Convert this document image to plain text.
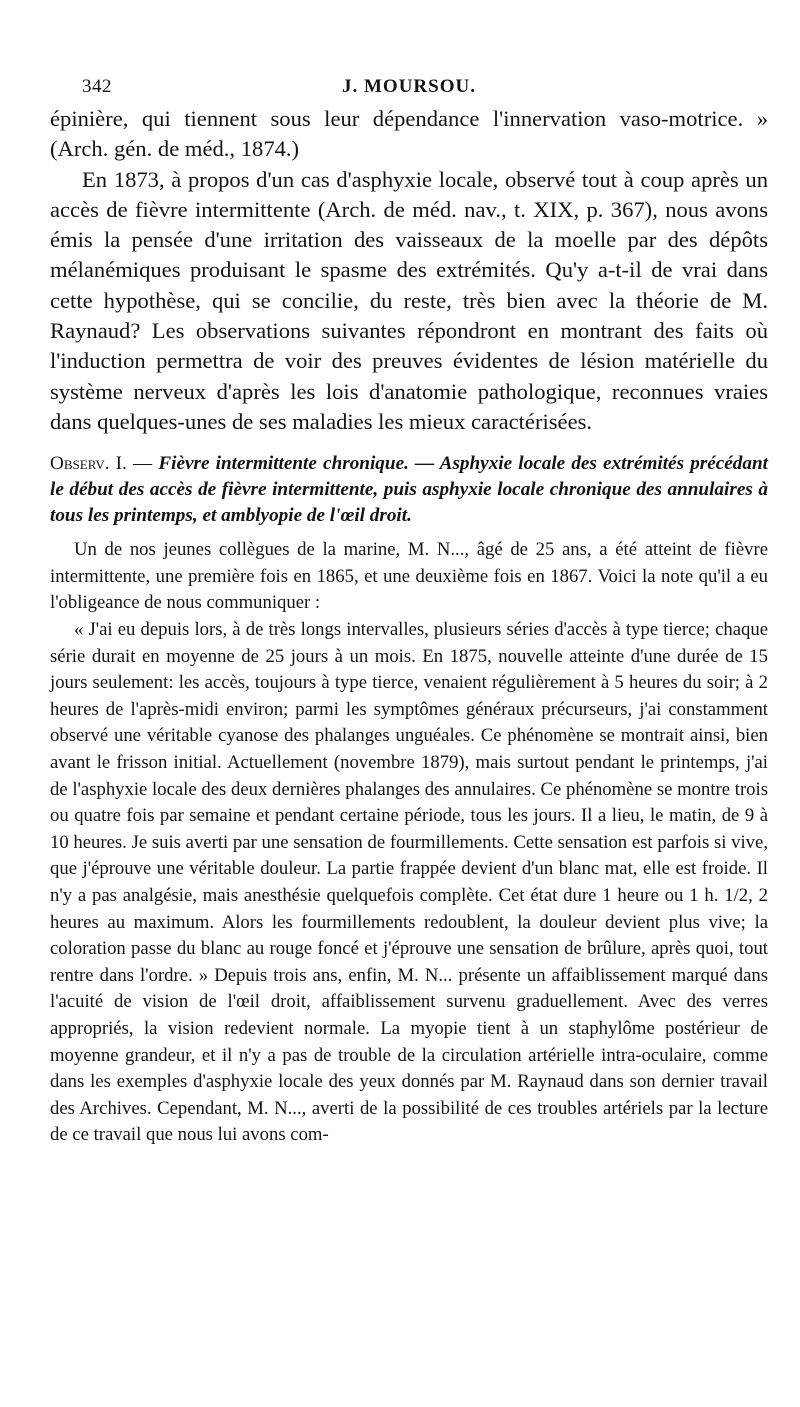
342	J. MOURSOU.

épinière, qui tiennent sous leur dépendance l'innervation vaso-motrice. » (Arch. gén. de méd., 1874.)

En 1873, à propos d'un cas d'asphyxie locale, observé tout à coup après un accès de fièvre intermittente (Arch. de méd. nav., t. XIX, p. 367), nous avons émis la pensée d'une irritation des vaisseaux de la moelle par des dépôts mélanémiques produisant le spasme des extrémités. Qu'y a-t-il de vrai dans cette hypothèse, qui se concilie, du reste, très bien avec la théorie de M. Raynaud? Les observations suivantes répondront en montrant des faits où l'induction permettra de voir des preuves évidentes de lésion matérielle du système nerveux d'après les lois d'anatomie pathologique, reconnues vraies dans quelques-unes de ses maladies les mieux caractérisées.

Observ. I. — Fièvre intermittente chronique. — Asphyxie locale des extrémités précédant le début des accès de fièvre intermittente, puis asphyxie locale chronique des annulaires à tous les printemps, et amblyopie de l'œil droit.

Un de nos jeunes collègues de la marine, M. N..., âgé de 25 ans, a été atteint de fièvre intermittente, une première fois en 1865, et une deuxième fois en 1867. Voici la note qu'il a eu l'obligeance de nous communiquer :

« J'ai eu depuis lors, à de très longs intervalles, plusieurs séries d'accès à type tierce; chaque série durait en moyenne de 25 jours à un mois. En 1875, nouvelle atteinte d'une durée de 15 jours seulement: les accès, toujours à type tierce, venaient régulièrement à 5 heures du soir; à 2 heures de l'après-midi environ; parmi les symptômes généraux précurseurs, j'ai constamment observé une véritable cyanose des phalanges unguéales. Ce phénomène se montrait ainsi, bien avant le frisson initial. Actuellement (novembre 1879), mais surtout pendant le printemps, j'ai de l'asphyxie locale des deux dernières phalanges des annulaires. Ce phénomène se montre trois ou quatre fois par semaine et pendant certaine période, tous les jours. Il a lieu, le matin, de 9 à 10 heures. Je suis averti par une sensation de fourmillements. Cette sensation est parfois si vive, que j'éprouve une véritable douleur. La partie frappée devient d'un blanc mat, elle est froide. Il n'y a pas analgésie, mais anesthésie quelquefois complète. Cet état dure 1 heure ou 1 h. 1/2, 2 heures au maximum. Alors les fourmillements redoublent, la douleur devient plus vive; la coloration passe du blanc au rouge foncé et j'éprouve une sensation de brûlure, après quoi, tout rentre dans l'ordre. » Depuis trois ans, enfin, M. N... présente un affaiblissement marqué dans l'acuité de vision de l'œil droit, affaiblissement survenu graduellement. Avec des verres appropriés, la vision redevient normale. La myopie tient à un staphylôme postérieur de moyenne grandeur, et il n'y a pas de trouble de la circulation artérielle intra-oculaire, comme dans les exemples d'asphyxie locale des yeux donnés par M. Raynaud dans son dernier travail des Archives. Cependant, M. N..., averti de la possibilité de ces troubles artériels par la lecture de ce travail que nous lui avons com-
